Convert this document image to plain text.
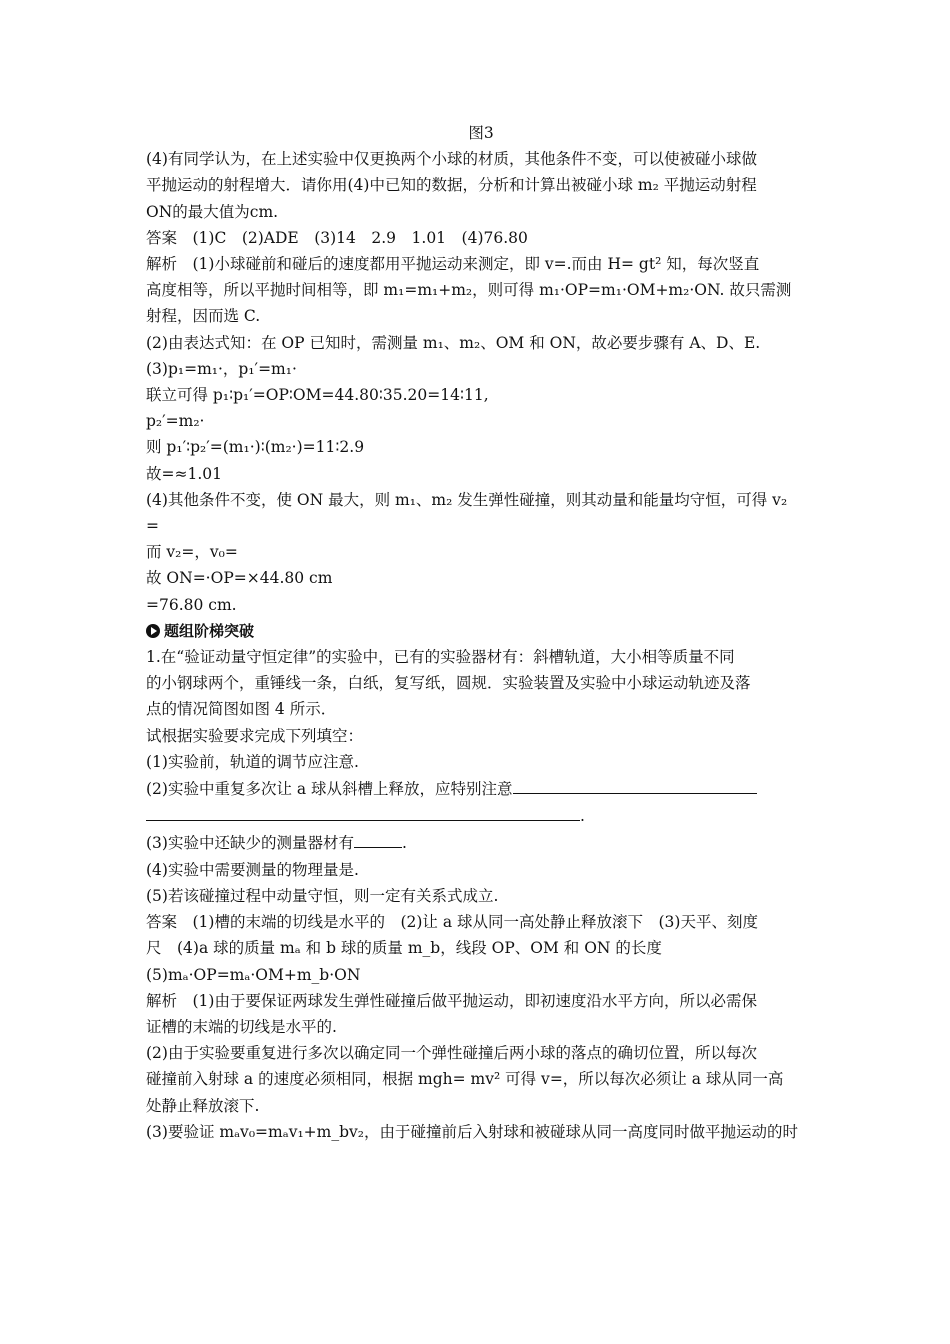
图3

(4)有同学认为，在上述实验中仅更换两个小球的材质，其他条件不变，可以使被碰小球做

平抛运动的射程增大．请你用(4)中已知的数据，分析和计算出被碰小球 m₂ 平抛运动射程

ON的最大值为cm.

答案　(1)C　(2)ADE　(3)14　2.9　1.01　(4)76.80

解析　(1)小球碰前和碰后的速度都用平抛运动来测定，即 v=.而由 H= gt² 知，每次竖直

高度相等，所以平抛时间相等，即 m₁=m₁+m₂，则可得 m₁·OP=m₁·OM+m₂·ON. 故只需测

射程，因而选 C.

(2)由表达式知：在 OP 已知时，需测量 m₁、m₂、OM 和 ON，故必要步骤有 A、D、E.

(3)p₁=m₁·，p₁′=m₁·

联立可得 p₁∶p₁′=OP∶OM=44.80∶35.20=14∶11,

p₂′=m₂·

则 p₁′∶p₂′=(m₁·)∶(m₂·)=11∶2.9

故=≈1.01

(4)其他条件不变，使 ON 最大，则 m₁、m₂ 发生弹性碰撞，则其动量和能量均守恒，可得 v₂

=

而 v₂=，v₀=

故 ON=·OP=×44.80 cm

=76.80 cm.

题组阶梯突破

1.在“验证动量守恒定律”的实验中，已有的实验器材有：斜槽轨道，大小相等质量不同

的小钢球两个，重锤线一条，白纸，复写纸，圆规．实验装置及实验中小球运动轨迹及落

点的情况简图如图 4 所示．

试根据实验要求完成下列填空：

(1)实验前，轨道的调节应注意.

(2)实验中重复多次让 a 球从斜槽上释放，应特别注意

.

(3)实验中还缺少的测量器材有	.

(4)实验中需要测量的物理量是.

(5)若该碰撞过程中动量守恒，则一定有关系式成立.

答案　(1)槽的末端的切线是水平的　(2)让 a 球从同一高处静止释放滚下　(3)天平、刻度

尺　(4)a 球的质量 mₐ 和 b 球的质量 m_b，线段 OP、OM 和 ON 的长度

(5)mₐ·OP=mₐ·OM+m_b·ON

解析　(1)由于要保证两球发生弹性碰撞后做平抛运动，即初速度沿水平方向，所以必需保

证槽的末端的切线是水平的.

(2)由于实验要重复进行多次以确定同一个弹性碰撞后两小球的落点的确切位置，所以每次

碰撞前入射球 a 的速度必须相同，根据 mgh= mv² 可得 v=，所以每次必须让 a 球从同一高

处静止释放滚下.

(3)要验证 mₐv₀=mₐv₁+m_bv₂，由于碰撞前后入射球和被碰球从同一高度同时做平抛运动的时
